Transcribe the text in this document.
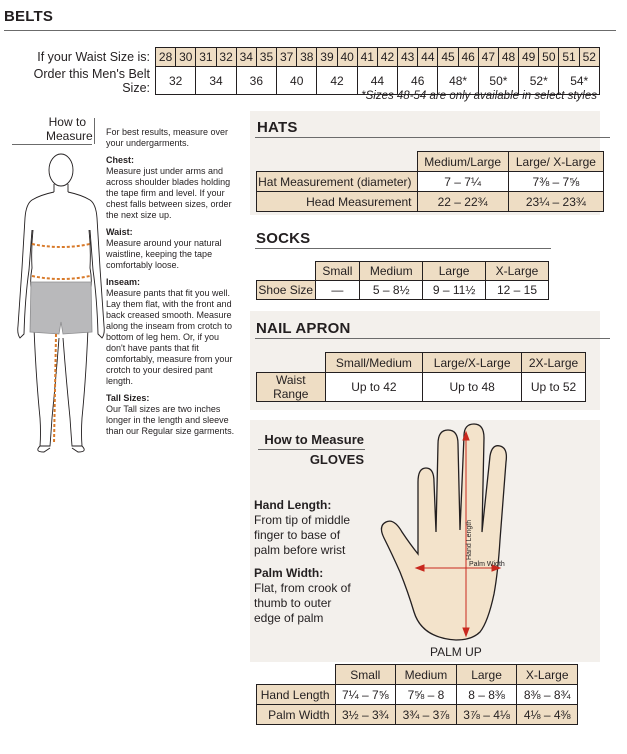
BELTS
If your Waist Size is:	28	30	31	32	34	35	37	38	39	40	41	42	43	44	45	46	47	48	49	50	51	52
Order this Men's Belt Size:	32		34		36		40		42		44		46		48*		50*		52*		54*	
*Sizes 48-54 are only available in select styles
How to
Measure For best results, measure over your undergarments.
Chest:
Measure just under arms and across shoulder blades holding the tape firm and level. If your chest falls between sizes, order the next size up.
Waist:
Measure around your natural waistline, keeping the tape comfortably loose.
Inseam:
Measure pants that fit you well. Lay them flat, with the front and back creased smooth. Measure along the inseam from crotch to bottom of leg hem. Or, if you don't have pants that fit comfortably, measure from your crotch to your desired pant length.
Tall Sizes:
Our Tall sizes are two inches longer in the length and sleeve than our Regular size garments.
HATS
	Medium/Large	Large/ X-Large
Hat Measurement (diameter)	7 – 7¼	7⅜ – 7⅝
Head Measurement	22 – 22¾	23¼ – 23¾
SOCKS
	Small	Medium	Large	X-Large
Shoe Size	—	5 – 8½	9 – 11½	12 – 15
NAIL APRON
	Small/Medium	Large/X-Large	2X-Large
Waist Range	Up to 42	Up to 48	Up to 52
How to Measure
GLOVES
Hand Length:
From tip of middle finger to base of palm before wrist
Palm Width:
Flat, from crook of thumb to outer edge of palm
Hand Length
Palm Width
PALM UP
	Small	Medium	Large	X-Large
Hand Length	7¼ – 7⅝	7⅝ – 8	8 – 8⅜	8⅜ – 8¾
Palm Width	3½ – 3¾	3¾ – 3⅞	3⅞ – 4⅛	4⅛ – 4⅜
